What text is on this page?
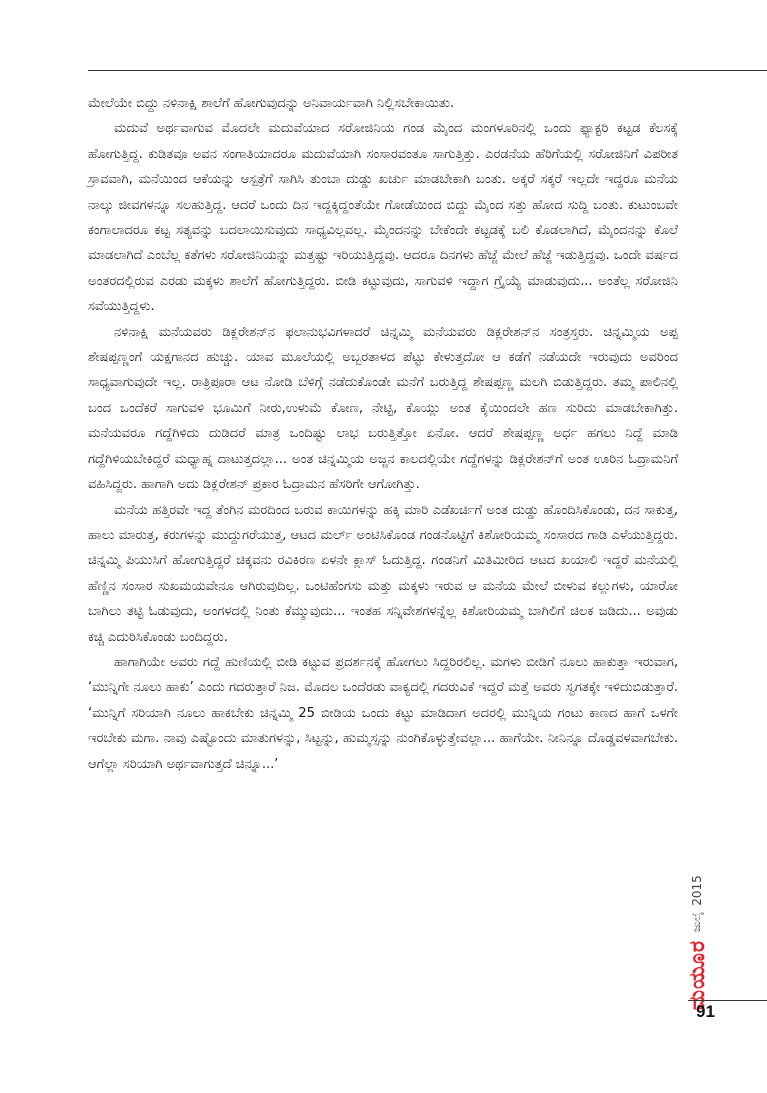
ಮೇಲೆಯೇ ಬಿದ್ದು ನಳಿನಾಕ್ಷಿ ಶಾಲೆಗೆ ಹೋಗುವುದನ್ನು ಅನಿವಾರ್ಯವಾಗಿ ನಿಲ್ಲಿಸಬೇಕಾಯಿತು.

ಮದುವೆ ಅರ್ಥವಾಗುವ ಮೊದಲೇ ಮದುವೆಯಾದ ಸರೋಜಿನಿಯ ಗಂಡ ಮೈಂದ ಮಂಗಳೂರಿನಲ್ಲಿ ಒಂದು ಫ್ಯಾಕ್ಟರಿ ಕಟ್ಟಡ ಕೆಲಸಕ್ಕೆ ಹೋಗುತ್ತಿದ್ದ. ಕುಡಿತವೂ ಅವನ ಸಂಗಾತಿಯಾದರೂ ಮದುವೆಯಾಗಿ ಸಂಸಾರವಂತೂ ಸಾಗುತ್ತಿತ್ತು. ಎರಡನೆಯ ಹೆರಿಗೆಯಲ್ಲಿ ಸರೋಜಿನಿಗೆ ವಿಪರೀತ ಸ್ರಾವವಾಗಿ, ಮನೆಯಿಂದ ಆಕೆಯನ್ನು ಆಸ್ಪತ್ರೆಗೆ ಸಾಗಿಸಿ ತುಂಬಾ ದುಡ್ಡು ಖರ್ಚು ಮಾಡಬೇಕಾಗಿ ಬಂತು. ಅಕ್ಕರೆ ಸಕ್ಕರೆ ಇಲ್ಲದೇ ಇದ್ದರೂ ಮನೆಯ ನಾಲ್ಕು ಜೀವಗಳನ್ನೂ ಸಲಹುತ್ತಿದ್ದ. ಆದರೆ ಒಂದು ದಿನ ಇದ್ದಕ್ಕಿದ್ದಂತೆಯೇ ಗೋಡೆಯಿಂದ ಬಿದ್ದು ಮೈಂದ ಸತ್ತು ಹೋದ ಸುದ್ದಿ ಬಂತು. ಕುಟುಂಬವೇ ಕಂಗಾಲಾದರೂ ಕಟ್ಟ ಸತ್ಯವನ್ನು ಬದಲಾಯಿಸುವುದು ಸಾಧ್ಯವಿಲ್ಲವಲ್ಲ. ಮೈಂದನನ್ನು ಬೇಕೆಂದೇ ಕಟ್ಟಡಕ್ಕೆ ಬಲಿ ಕೊಡಲಾಗಿದೆ, ಮೈಂದನನ್ನು ಕೊಲೆ ಮಾಡಲಾಗಿದೆ ಎಂಬೆಲ್ಲ ಕತೆಗಳು ಸರೋಜಿನಿಯನ್ನು ಮತ್ತಷ್ಟು ಇರಿಯುತ್ತಿದ್ದವು. ಆದರೂ ದಿನಗಳು ಹೆಜ್ಜೆ ಮೇಲೆ ಹೆಜ್ಜೆ ಇಡುತ್ತಿದ್ದವು. ಒಂದೇ ವರ್ಷದ ಅಂತರದಲ್ಲಿರುವ ಎರಡು ಮಕ್ಕಳು ಶಾಲೆಗೆ ಹೋಗುತ್ತಿದ್ದರು. ಬೀಡಿ ಕಟ್ಟುವುದು, ಸಾಗುವಳಿ ಇದ್ದಾಗ ಗ್ರೈಯ್ಯೆ ಮಾಡುವುದು... ಅಂತೆಲ್ಲ ಸರೋಜಿನಿ ಸವೆಯುತ್ತಿದ್ದಳು.

ನಳಿನಾಕ್ಷಿ ಮನೆಯವರು ಡಿಕ್ಲರೇಶನ್‌ನ ಫಲಾನುಭವಿಗಳಾದರೆ ಚಿನ್ನಮ್ಮಿ ಮನೆಯವರು ಡಿಕ್ಲರೇಶನ್‌ನ ಸಂತ್ರಸ್ತರು. ಚಿನ್ನಮ್ಮಿಯ ಅಪ್ಪ ಶೇಷಪ್ಪಣ್ಣಂಗೆ ಯಕ್ಷಗಾನದ ಹುಚ್ಚು. ಯಾವ ಮೂಲೆಯಲ್ಲಿ ಅಬ್ಬರತಾಳದ ಪೆಟ್ಟು ಕೇಳುತ್ತದೋ ಆ ಕಡೆಗೆ ನಡೆಯದೇ ಇರುವುದು ಅವರಿಂದ ಸಾಧ್ಯವಾಗುವುದೇ ಇಲ್ಲ. ರಾತ್ರಿಪೂರಾ ಆಟ ನೋಡಿ ಬೆಳಿಗ್ಗೆ ನಡೆದುಕೊಂಡೇ ಮನೆಗೆ ಬರುತ್ತಿದ್ದ ಶೇಷಪ್ಪಣ್ಣ ಮಲಗಿ ಬಿಡುತ್ತಿದ್ದರು. ತಮ್ಮ ಪಾಲಿನಲ್ಲಿ ಬಂದ ಒಂದೆಕರೆ ಸಾಗುವಳಿ ಭೂಮಿಗೆ ನೀರು,ಉಳುಮೆ ಕೋಣ, ನೇಟ್ಟಿ, ಕೊಯ್ಲು ಅಂತ ಕೈಯಿಂದಲೇ ಹಣ ಸುರಿದು ಮಾಡಬೇಕಾಗಿತ್ತು. ಮನೆಯವರೂ ಗದ್ದೆಗಿಳಿದು ದುಡಿದರೆ ಮಾತ್ರ ಒಂದಿಷ್ಟು ಲಾಭ ಬರುತ್ತಿತ್ತೋ ಏನೋ. ಆದರೆ ಶೇಷಪ್ಪಣ್ಣ ಅರ್ಧ ಹಗಲು ನಿದ್ದೆ ಮಾಡಿ ಗದ್ದೆಗಿಳಿಯಬೇಕಿದ್ದರೆ ಮಧ್ಯಾಹ್ನ ದಾಟುತ್ತದಲ್ಲಾ... ಅಂತ ಚಿನ್ನಮ್ಮಿಯ ಅಜ್ಜನ ಕಾಲದಲ್ಲಿಯೇ ಗದ್ದೆಗಳನ್ನು ಡಿಕ್ಲರೇಶನ್‌ಗೆ ಅಂತ ಊರಿನ ಓದ್ರಾಮನಿಗೆ ವಹಿಸಿದ್ದರು. ಹಾಗಾಗಿ ಅದು ಡಿಕ್ಲರೇಶನ್ ಪ್ರಕಾರ ಓದ್ರಾಮನ ಹೆಸರಿಗೇ ಆಗೋಗಿತ್ತು.

ಮನೆಯ ಹತ್ತಿರವೇ ಇದ್ದ ತೆಂಗಿನ ಮರದಿಂದ ಬರುವ ಕಾಯಿಗಳನ್ನು ಹಕ್ಕಿ ಮಾರಿ ಎಡೆಖರ್ಚಿಗೆ ಅಂತ ದುಡ್ಡು ಹೊಂದಿಸಿಕೊಂಡು, ದನ ಸಾಕುತ್ತ, ಹಾಲು ಮಾರುತ್ತ, ಕರುಗಳನ್ನು ಮುದ್ದುಗರೆಯುತ್ತ, ಆಟದ ಮರ್ಲ್ ಅಂಟಿಸಿಕೊಂಡ ಗಂಡನೊಟ್ಟಿಗೆ ಕಿಶೋರಿಯಮ್ಮ ಸಂಸಾರದ ಗಾಡಿ ಎಳೆಯುತ್ತಿದ್ದರು. ಚಿನ್ನಮ್ಮಿ ಪಿಯುಸಿಗೆ ಹೋಗುತ್ತಿದ್ದರೆ ಚಿಕ್ಕವನು ರವಿಕಿರಣ ಏಳನೇ ಕ್ಲಾಸ್ ಓದುತ್ತಿದ್ದ. ಗಂಡನಿಗೆ ಮಿತಿಮೀರಿದ ಆಟದ ಖಯಾಲಿ ಇದ್ದರೆ ಮನೆಯಲ್ಲಿ ಹೆಣ್ಣಿನ ಸಂಸಾರ ಸುಖಮಯವೇನೂ ಆಗಿರುವುದಿಲ್ಲ. ಒಂಟಿಹೆಂಗಸು ಮತ್ತು ಮಕ್ಕಳು ಇರುವ ಆ ಮನೆಯ ಮೇಲೆ ಬೀಳುವ ಕಲ್ಲುಗಳು, ಯಾರೋ ಬಾಗಿಲು ತಟ್ಟಿ ಓಡುವುದು, ಅಂಗಳದಲ್ಲಿ ನಿಂತು ಕೆಮ್ಮುವುದು... ಇಂತಹ ಸನ್ನಿವೇಶಗಳನ್ನೆಲ್ಲ ಕಿಶೋರಿಯಮ್ಮ ಬಾಗಿಲಿಗೆ ಚಿಲಕ ಜಡಿದು... ಅವುಡು ಕಚ್ಚಿ ಎದುರಿಸಿಕೊಂಡು ಬಂದಿದ್ದರು.

ಹಾಗಾಗಿಯೇ ಅವರು ಗದ್ದೆ ಹುಣಿಯಲ್ಲಿ ಬೀಡಿ ಕಟ್ಟುವ ಪ್ರದರ್ಶನಕ್ಕೆ ಹೋಗಲು ಸಿದ್ದರಿರಲಿಲ್ಲ. ಮಗಳು ಬೀಡಿಗೆ ನೂಲು ಹಾಕುತ್ತಾ ಇರುವಾಗ, ‘ಮುನ್ನಿಗೇ ನೂಲು ಹಾಕು’ ಎಂದು ಗದರುತ್ತಾರೆ ನಿಜ. ಮೊದಲ ಒಂದೆರಡು ವಾಕ್ಯದಲ್ಲಿ ಗದರುವಿಕೆ ಇದ್ದರೆ ಮತ್ತೆ ಅವರು ಸ್ವಗತಕ್ಕೇ ಇಳಿದುಬಿಡುತ್ತಾರೆ. ‘ಮುನ್ನಿಗೆ ಸರಿಯಾಗಿ ನೂಲು ಹಾಕಬೇಕು ಚಿನ್ನಮ್ಮಿ 25 ಬೀಡಿಯ ಒಂದು ಕಟ್ಟು ಮಾಡಿದಾಗ ಅದರಲ್ಲಿ ಮುನ್ನಿಯ ಗಂಟು ಕಾಣದ ಹಾಗೆ ಒಳಗೇ ಇರಬೇಕು ಮಗಾ. ನಾವು ಎಷ್ಟೊಂದು ಮಾತುಗಳನ್ನು, ಸಿಟ್ಟನ್ನು, ಹುಮ್ಮಸ್ಸನ್ನು ನುಂಗಿಕೊಳ್ಳುತ್ತೇವಲ್ಲಾ... ಹಾಗೆಯೇ. ನೀನಿನ್ನೂ ದೊಡ್ಡವಳವಾಗಬೇಕು. ಆಗೆಲ್ಲಾ ಸರಿಯಾಗಿ ಅರ್ಥವಾಗುತ್ತದೆ ಚಿನ್ನೂ...’

ಮಯೂರ
ಜುಲೈ
2015
91
